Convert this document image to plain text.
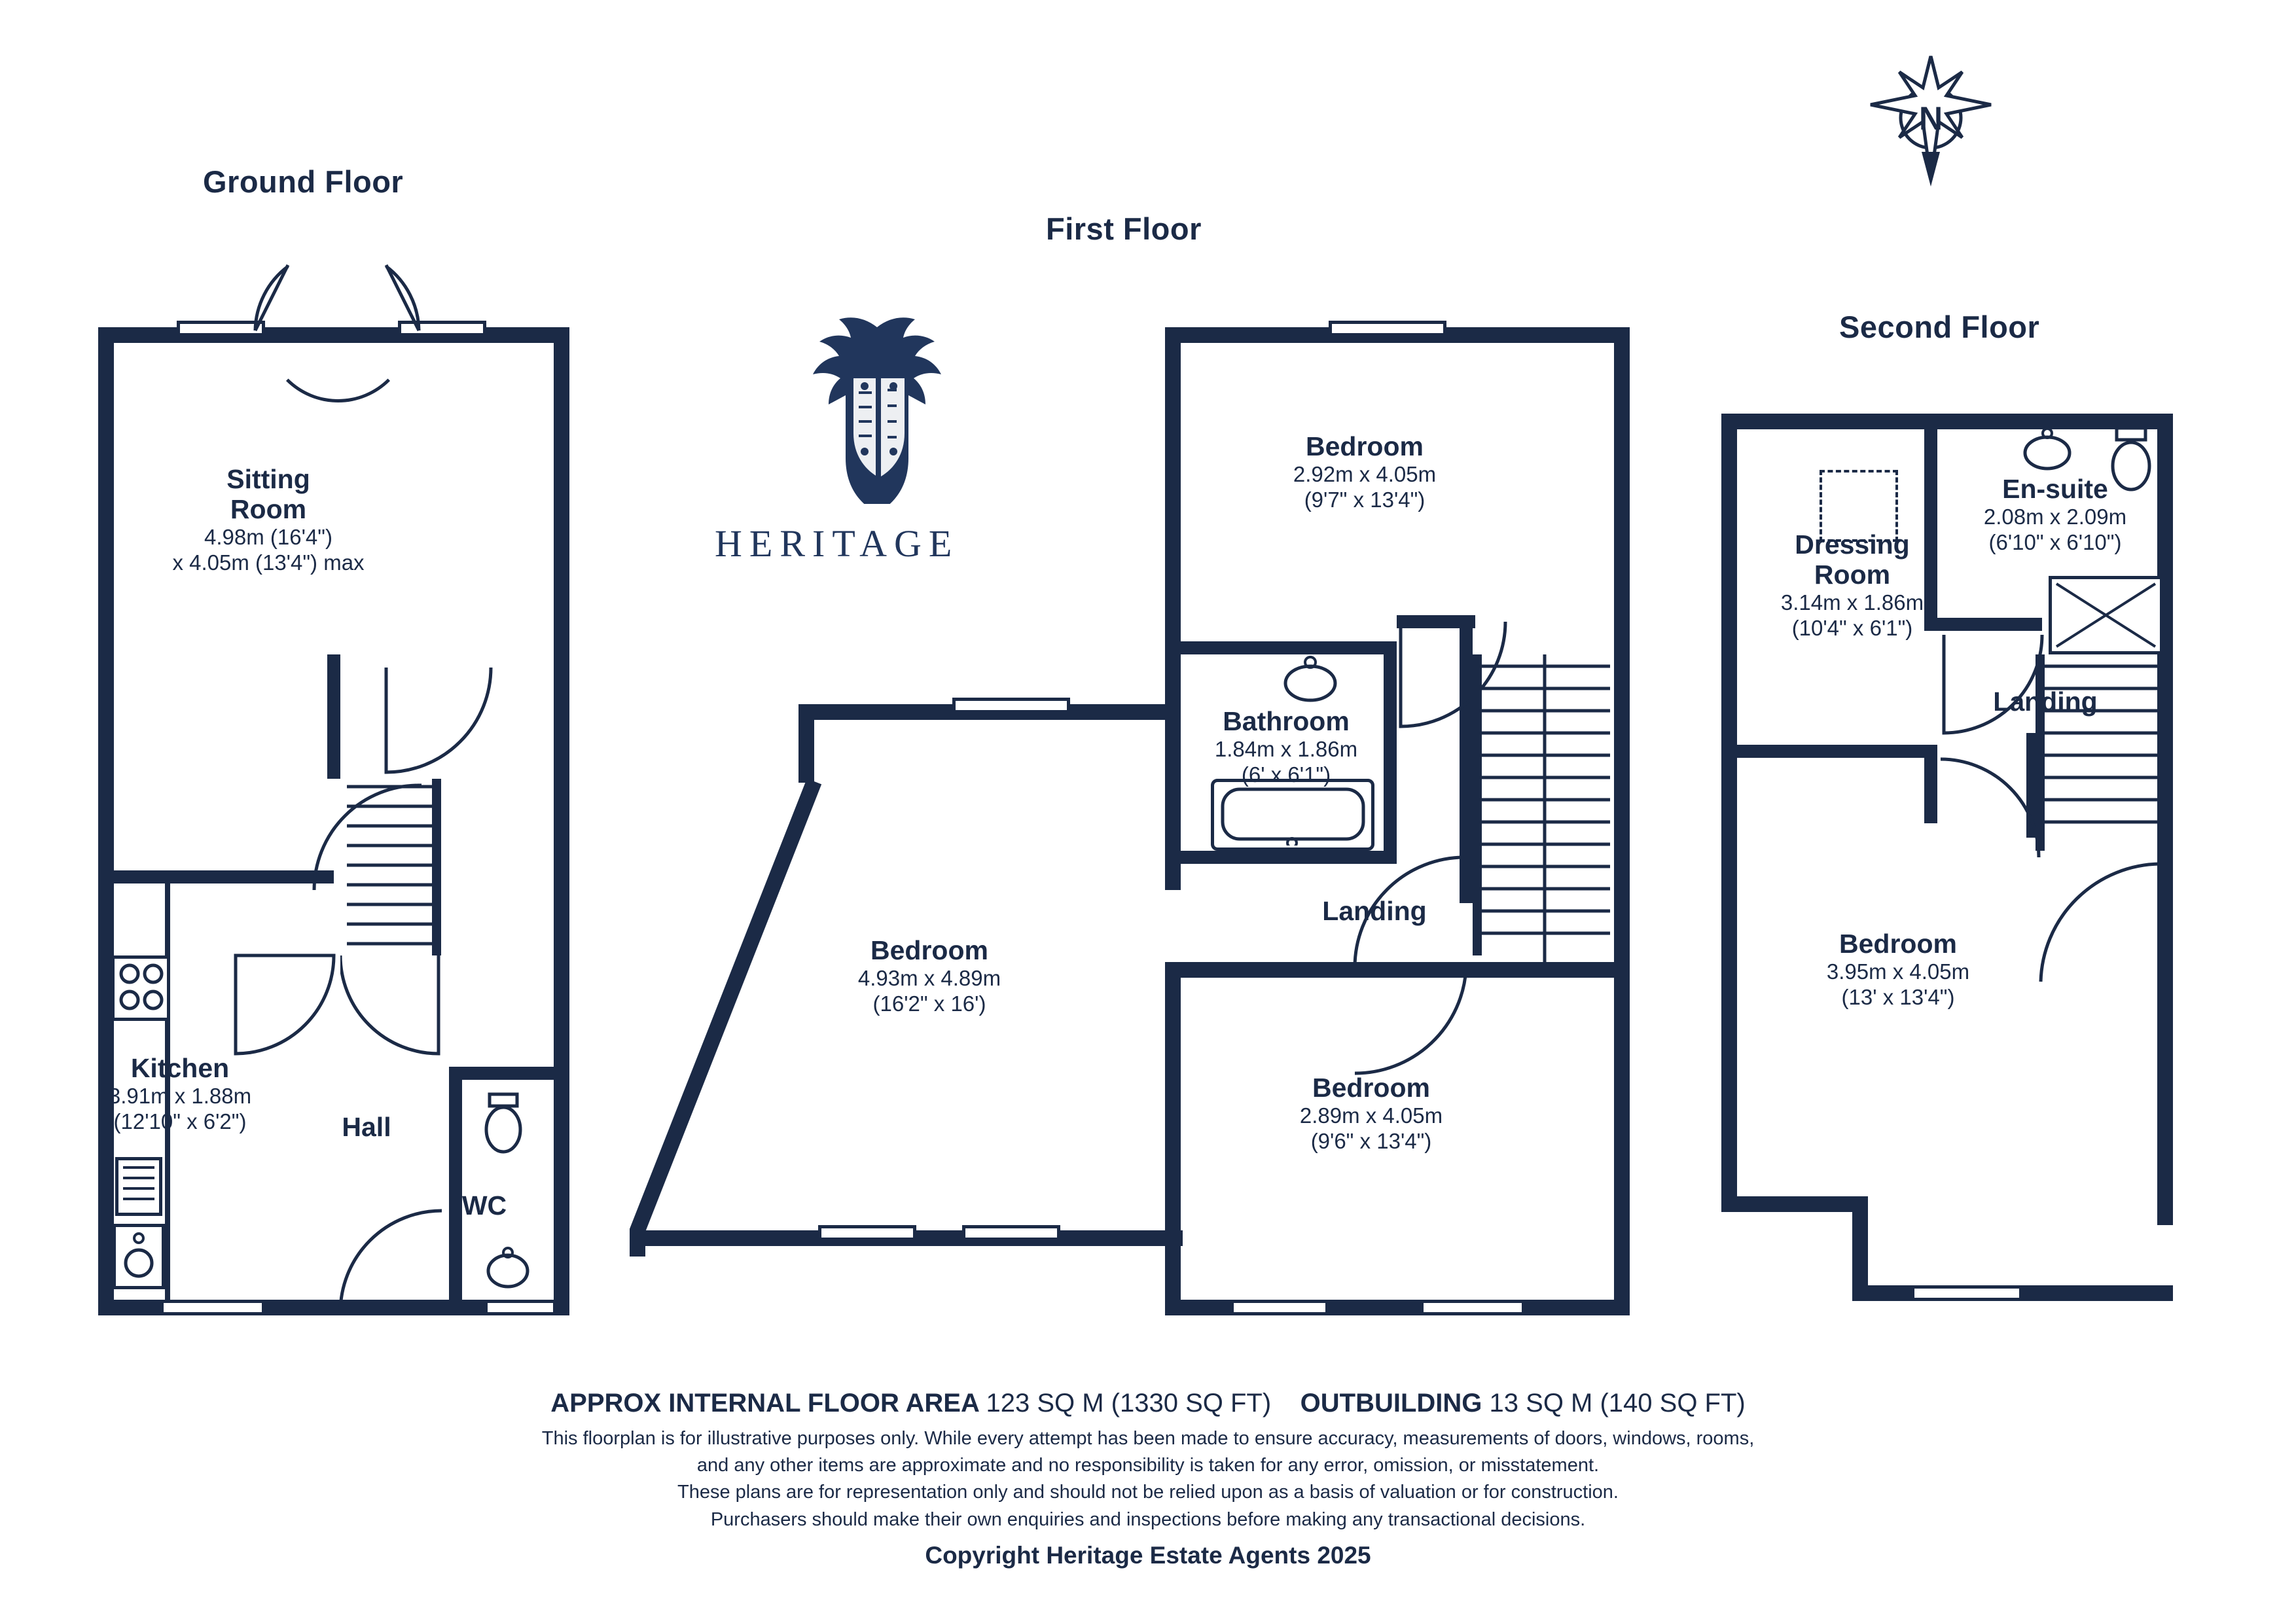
Ground Floor
First Floor
Second Floor
N
HERITAGE
Sitting
Room
4.98m (16'4")
x 4.05m (13'4") max
Kitchen
3.91m x 1.88m
(12'10" x 6'2")	Hall
WC
Bedroom
2.92m x 4.05m
(9'7" x 13'4")
Bathroom
1.84m x 1.86m
(6' x 6'1")
Bedroom
4.93m x 4.89m
(16'2" x 16')
Landing
Bedroom
2.89m x 4.05m
(9'6" x 13'4")
Dressing
Room
3.14m x 1.86m
(10'4" x 6'1")
En-suite
2.08m x 2.09m
(6'10" x 6'10")
Landing
Bedroom
3.95m x 4.05m
(13' x 13'4")
APPROX INTERNAL FLOOR AREA 123 SQ M (1330 SQ FT) OUTBUILDING 13 SQ M (140 SQ FT)
This floorplan is for illustrative purposes only. While every attempt has been made to ensure accuracy, measurements of doors, windows, rooms,
and any other items are approximate and no responsibility is taken for any error, omission, or misstatement.
These plans are for representation only and should not be relied upon as a basis of valuation or for construction.
Purchasers should make their own enquiries and inspections before making any transactional decisions.
Copyright Heritage Estate Agents 2025
